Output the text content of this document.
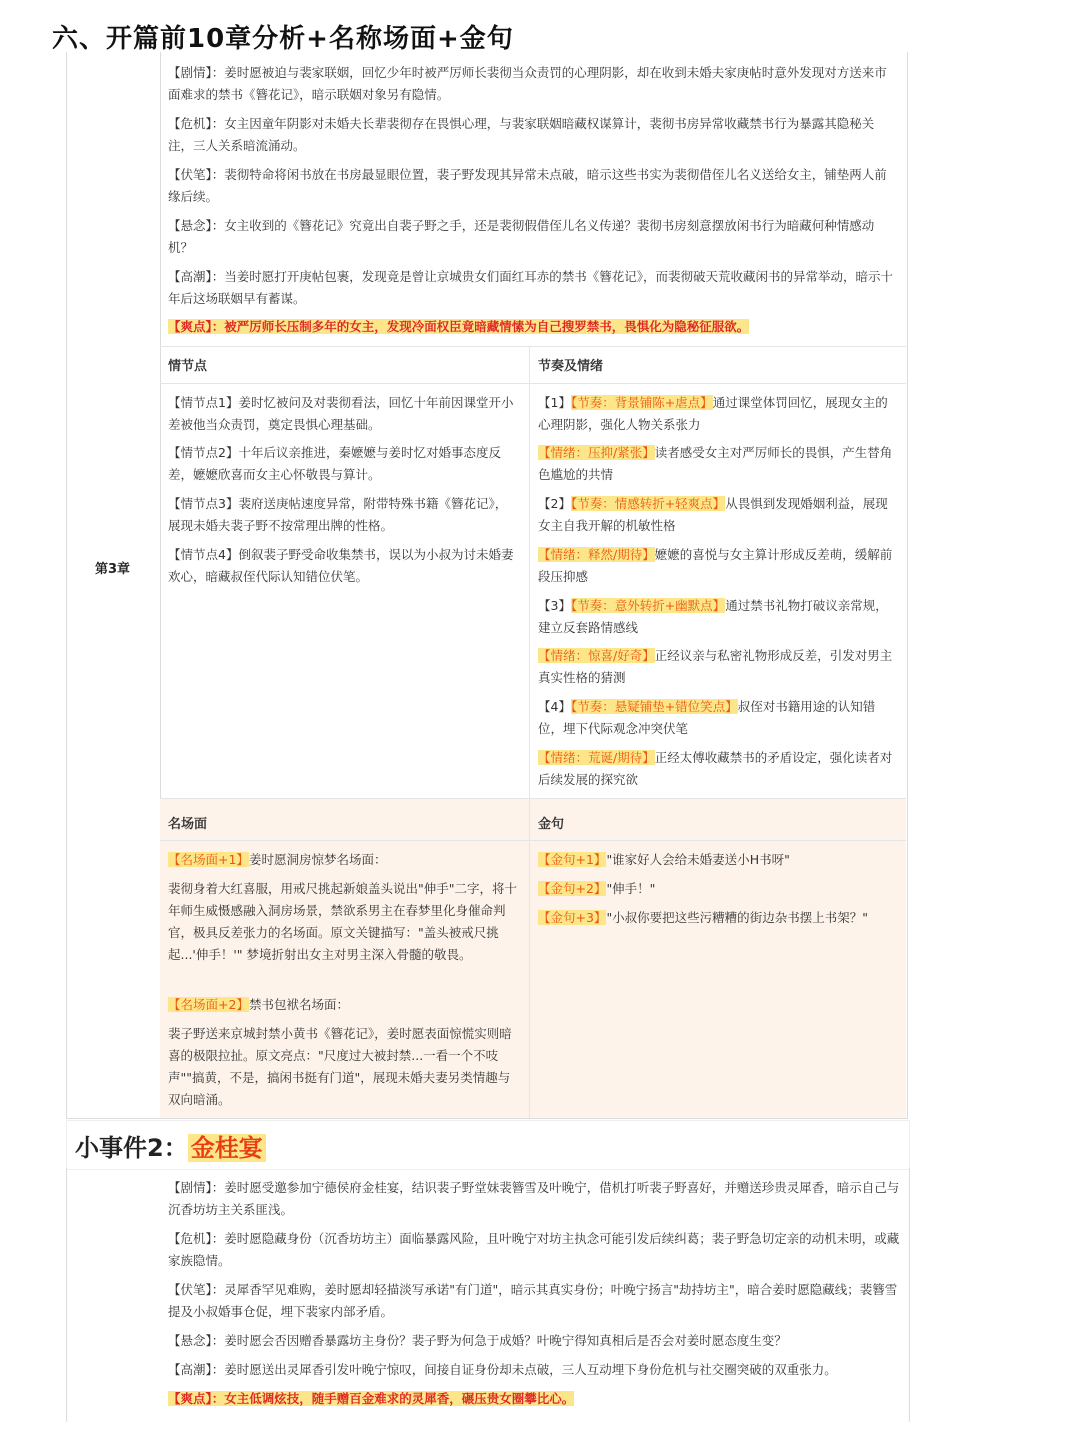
六、开篇前10章分析+名称场面+金句
第3章
【剧情】：姜时愿被迫与裴家联姻，回忆少年时被严厉师长裴彻当众责罚的心理阴影，却在收到未婚夫家庚帖时意外发现对方送来市面难求的禁书《簪花记》，暗示联姻对象另有隐情。
【危机】：女主因童年阴影对未婚夫长辈裴彻存在畏惧心理，与裴家联姻暗藏权谋算计，裴彻书房异常收藏禁书行为暴露其隐秘关注，三人关系暗流涌动。
【伏笔】：裴彻特命将闲书放在书房最显眼位置，裴子野发现其异常未点破，暗示这些书实为裴彻借侄儿名义送给女主，铺垫两人前缘后续。
【悬念】：女主收到的《簪花记》究竟出自裴子野之手，还是裴彻假借侄儿名义传递？裴彻书房刻意摆放闲书行为暗藏何种情感动机？
【高潮】：当姜时愿打开庚帖包裹，发现竟是曾让京城贵女们面红耳赤的禁书《簪花记》，而裴彻破天荒收藏闲书的异常举动，暗示十年后这场联姻早有蓄谋。
【爽点】：被严厉师长压制多年的女主，发现冷面权臣竟暗藏情愫为自己搜罗禁书，畏惧化为隐秘征服欲。
情节点	节奏及情绪
【情节点1】姜时忆被问及对裴彻看法，回忆十年前因课堂开小差被他当众责罚，奠定畏惧心理基础。
【情节点2】十年后议亲推进，秦嬷嬷与姜时忆对婚事态度反差，嬷嬷欣喜而女主心怀敬畏与算计。
【情节点3】裴府送庚帖速度异常，附带特殊书籍《簪花记》，展现未婚夫裴子野不按常理出牌的性格。
【情节点4】倒叙裴子野受命收集禁书，误以为小叔为讨未婚妻欢心，暗藏叔侄代际认知错位伏笔。
【1】【节奏：背景铺陈+虐点】通过课堂体罚回忆，展现女主的心理阴影，强化人物关系张力
【情绪：压抑/紧张】读者感受女主对严厉师长的畏惧，产生替角色尴尬的共情
【2】【节奏：情感转折+轻爽点】从畏惧到发现婚姻利益，展现女主自我开解的机敏性格
【情绪：释然/期待】嬷嬷的喜悦与女主算计形成反差萌，缓解前段压抑感
【3】【节奏：意外转折+幽默点】通过禁书礼物打破议亲常规，建立反套路情感线
【情绪：惊喜/好奇】正经议亲与私密礼物形成反差，引发对男主真实性格的猜测
【4】【节奏：悬疑铺垫+错位笑点】叔侄对书籍用途的认知错位，埋下代际观念冲突伏笔
【情绪：荒诞/期待】正经太傅收藏禁书的矛盾设定，强化读者对后续发展的探究欲
名场面	金句
【名场面+1】姜时愿洞房惊梦名场面：
裴彻身着大红喜服，用戒尺挑起新娘盖头说出"伸手"二字，将十年师生威慑感融入洞房场景，禁欲系男主在春梦里化身催命判官，极具反差张力的名场面。原文关键描写："盖头被戒尺挑起...'伸手！'" 梦境折射出女主对男主深入骨髓的敬畏。
【名场面+2】禁书包袱名场面：
裴子野送来京城封禁小黄书《簪花记》，姜时愿表面惊慌实则暗喜的极限拉扯。原文亮点："尺度过大被封禁...一看一个不吱声""搞黄，不是，搞闲书挺有门道"，展现未婚夫妻另类情趣与双向暗涌。
【金句+1】"谁家好人会给未婚妻送小H书呀"
【金句+2】"伸手！"
【金句+3】"小叔你要把这些污糟糟的街边杂书摆上书架？"
小事件2： 金桂宴
【剧情】：姜时愿受邀参加宁德侯府金桂宴，结识裴子野堂妹裴簪雪及叶晚宁，借机打听裴子野喜好，并赠送珍贵灵犀香，暗示自己与沉香坊坊主关系匪浅。
【危机】：姜时愿隐藏身份（沉香坊坊主）面临暴露风险，且叶晚宁对坊主执念可能引发后续纠葛；裴子野急切定亲的动机未明，或藏家族隐情。
【伏笔】：灵犀香罕见难购，姜时愿却轻描淡写承诺"有门道"，暗示其真实身份；叶晚宁扬言"劫持坊主"，暗合姜时愿隐藏线；裴簪雪提及小叔婚事仓促，埋下裴家内部矛盾。
【悬念】：姜时愿会否因赠香暴露坊主身份？裴子野为何急于成婚？叶晚宁得知真相后是否会对姜时愿态度生变？
【高潮】：姜时愿送出灵犀香引发叶晚宁惊叹，间接自证身份却未点破，三人互动埋下身份危机与社交圈突破的双重张力。
【爽点】：女主低调炫技，随手赠百金难求的灵犀香，碾压贵女圈攀比心。
